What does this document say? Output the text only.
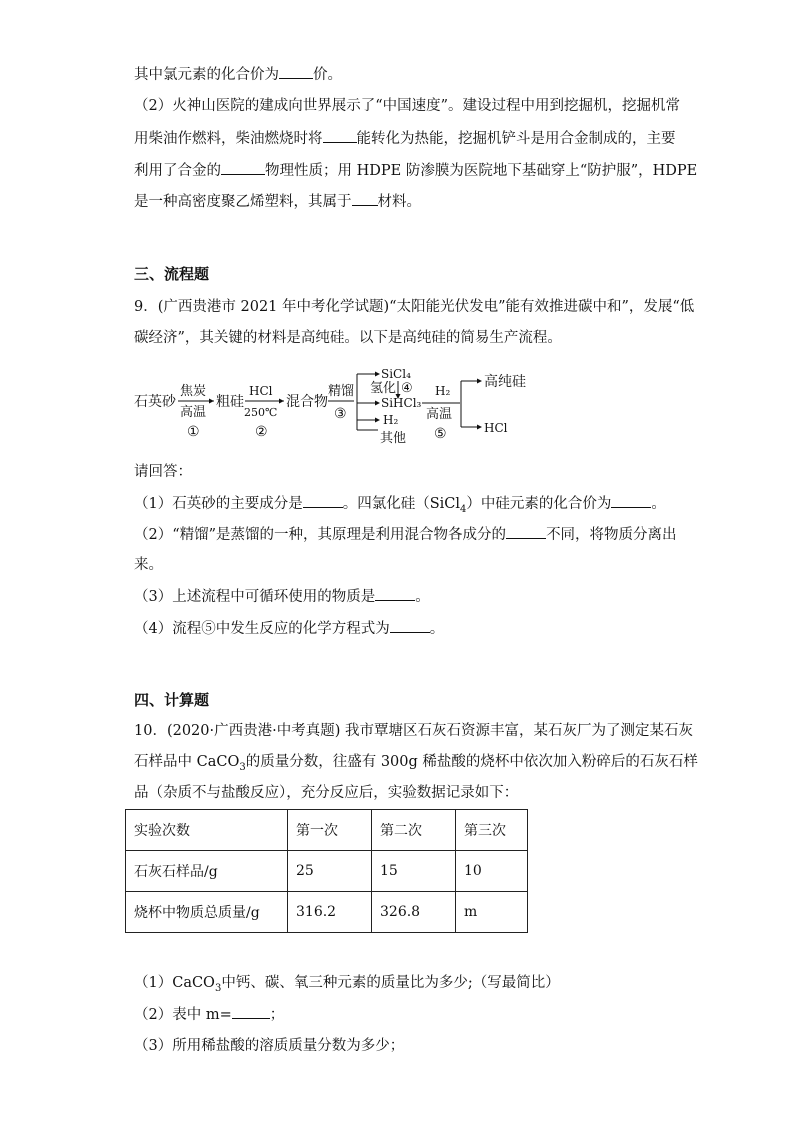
其中氯元素的化合价为 价。
（2）火神山医院的建成向世界展示了“中国速度”。建设过程中用到挖掘机，挖掘机常
用柴油作燃料，柴油燃烧时将 能转化为热能，挖掘机铲斗是用合金制成的，主要
利用了合金的	物理性质；用 HDPE 防渗膜为医院地下基础穿上“防护服”，HDPE
是一种高密度聚乙烯塑料，其属于 材料。
三、流程题
9．(广西贵港市 2021 年中考化学试题)“太阳能光伏发电”能有效推进碳中和”，发展“低
碳经济”，其关键的材料是高纯硅。以下是高纯硅的简易生产流程。
石英砂
焦炭
高温
①
粗硅
HCl
250℃
②
混合物
精馏
③
SiCl₄
氢化 ④
SiHCl₃
H₂
其他
H₂
高温
⑤
高纯硅
HCl
请回答：
（1）石英砂的主要成分是	。四氯化硅（SiCl$_4$）中硅元素的化合价为	。
（2）“精馏”是蒸馏的一种，其原理是利用混合物各成分的	不同，将物质分离出
来。
（3）上述流程中可循环使用的物质是	。
（4）流程⑤中发生反应的化学方程式为	。
四、计算题
10．(2020·广西贵港·中考真题) 我市覃塘区石灰石资源丰富，某石灰厂为了测定某石灰
石样品中 CaCO$_3$的质量分数，往盛有 300g 稀盐酸的烧杯中依次加入粉碎后的石灰石样
品（杂质不与盐酸反应），充分反应后，实验数据记录如下：
实验次数	第一次	第二次	第三次
石灰石样品/g	25	15	10
烧杯中物质总质量/g	316.2	326.8	m
（1）CaCO$_3$中钙、碳、氧三种元素的质量比为多少;（写最简比）
（2）表中 m=	；
（3）所用稀盐酸的溶质质量分数为多少；
